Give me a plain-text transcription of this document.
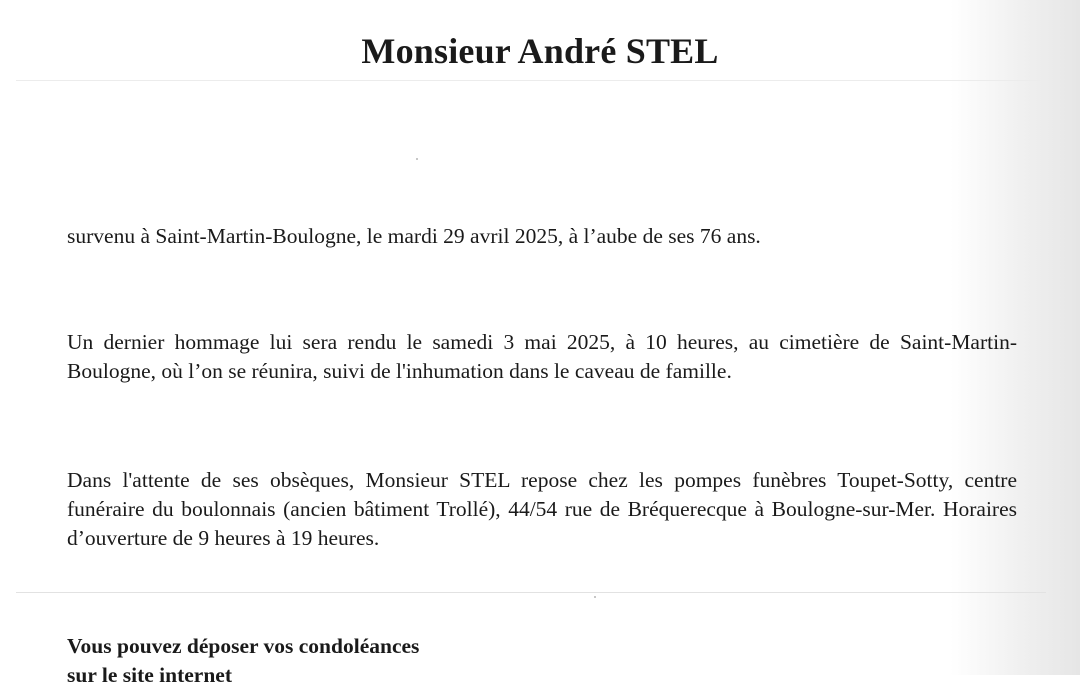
Monsieur André STEL
survenu à Saint-Martin-Boulogne, le mardi 29 avril 2025, à l’aube de ses 76 ans.
Un dernier hommage lui sera rendu le samedi 3 mai 2025, à 10 heures, au cimetière de Saint-Martin-Boulogne, où l’on se réunira, suivi de l'inhumation dans le caveau de famille.
Dans l'attente de ses obsèques, Monsieur STEL repose chez les pompes funèbres Toupet-Sotty, centre funéraire du boulonnais (ancien bâtiment Trollé), 44/54 rue de Bréquerecque à Boulogne-sur-Mer. Horaires d’ouverture de 9 heures à 19 heures.
Vous pouvez déposer vos condoléances
sur le site internet
